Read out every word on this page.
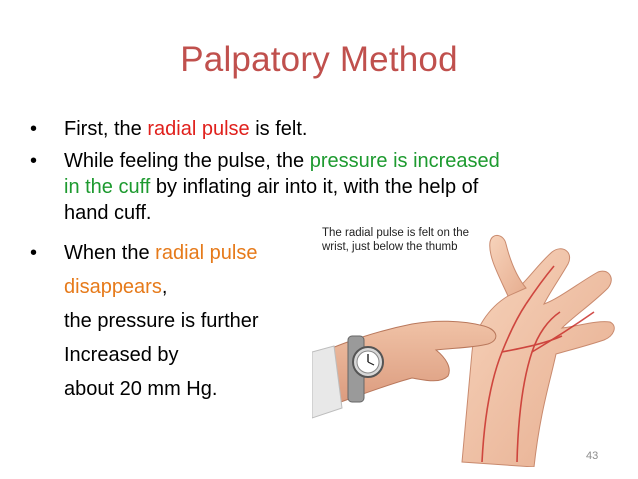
Palpatory Method
• First, the radial pulse is felt.
• While feeling the pulse, the pressure is increased
in the cuff by inflating air into it, with the help of
hand cuff.
• When the radial pulse
disappears,
the pressure is further
Increased by
about 20 mm Hg.
The radial pulse is felt on the
wrist, just below the thumb
43
